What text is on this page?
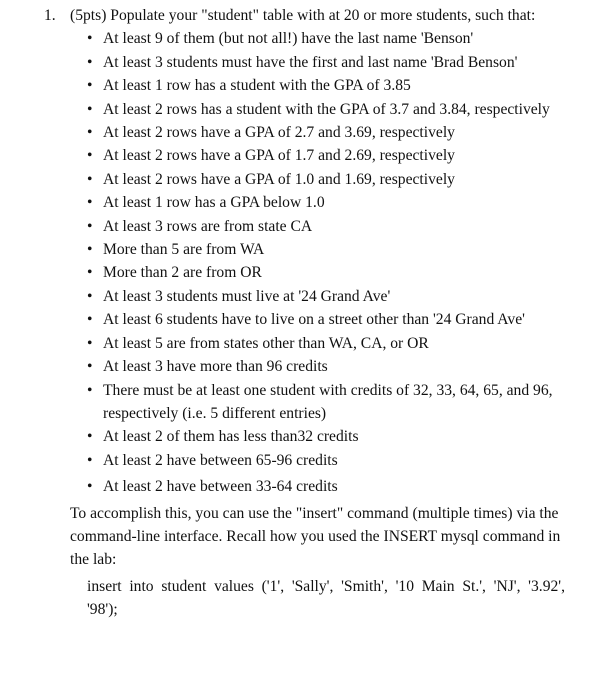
1. (5pts) Populate your "student" table with at 20 or more students, such that:
• At least 9 of them (but not all!) have the last name 'Benson'
• At least 3 students must have the first and last name 'Brad Benson'
• At least 1 row has a student with the GPA of 3.85
• At least 2 rows has a student with the GPA of 3.7 and 3.84, respectively
• At least 2 rows have a GPA of 2.7 and 3.69, respectively
• At least 2 rows have a GPA of 1.7 and 2.69, respectively
• At least 2 rows have a GPA of 1.0 and 1.69, respectively
• At least 1 row has a GPA below 1.0
• At least 3 rows are from state CA
• More than 5 are from WA
• More than 2 are from OR
• At least 3 students must live at '24 Grand Ave'
• At least 6 students have to live on a street other than '24 Grand Ave'
• At least 5 are from states other than WA, CA, or OR
• At least 3 have more than 96 credits
• There must be at least one student with credits of 32, 33, 64, 65, and 96, respectively (i.e. 5 different entries)
• At least 2 of them has less than32 credits
• At least 2 have between 65-96 credits
• At least 2 have between 33-64 credits
To accomplish this, you can use the "insert" command (multiple times) via the command-line interface. Recall how you used the INSERT mysql command in the lab:
insert into student values ('1', 'Sally', 'Smith', '10 Main St.', 'NJ', '3.92', '98');
